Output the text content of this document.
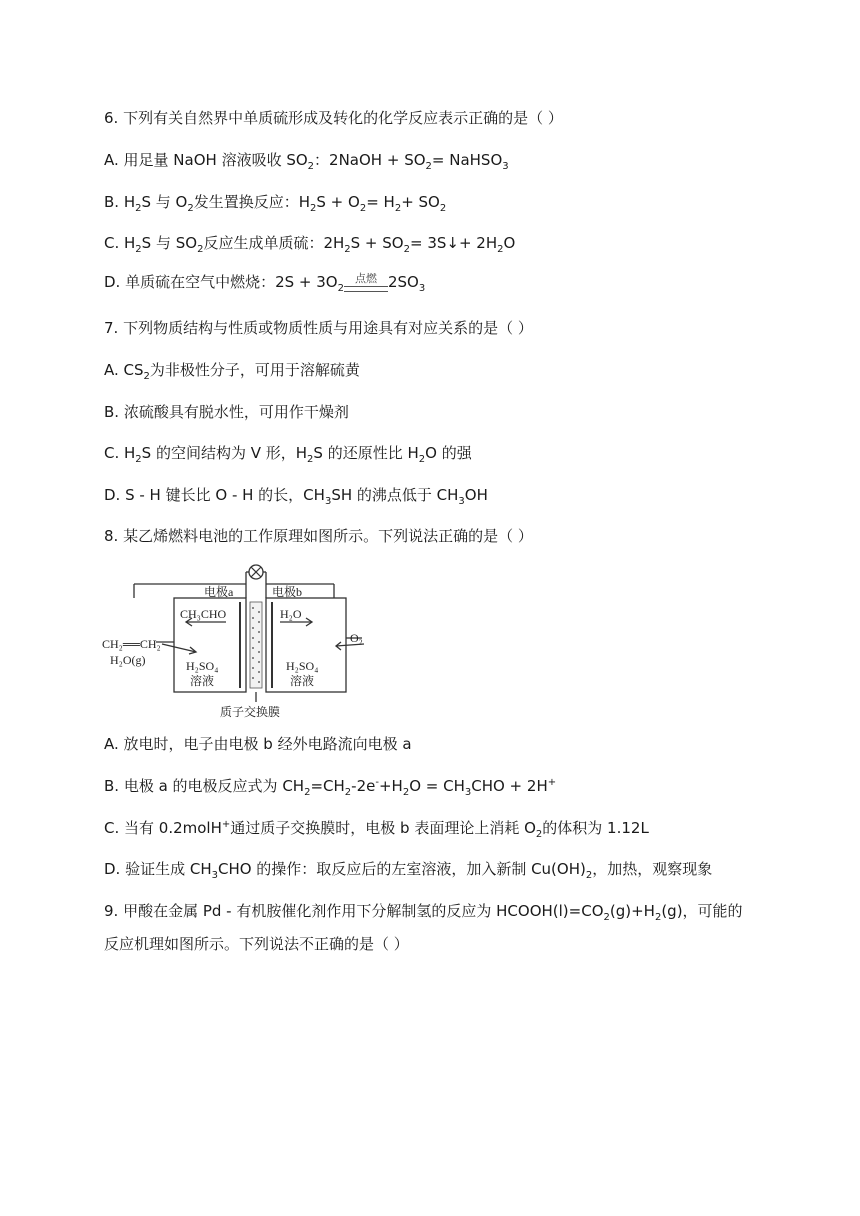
6. 下列有关自然界中单质硫形成及转化的化学反应表示正确的是（ ）
A. 用足量 NaOH 溶液吸收 $SO_2$：2NaOH + $SO_2=$ NaHSO$_3$
B. $H_2S$ 与 $O_2$发生置换反应：$H_2S + O_2= H_2+ SO_2$
C. $H_2S$ 与 $SO_2$反应生成单质硫：$2H_2S + SO_2=$ 3S↓+ $2H_2O$
D. 单质硫在空气中燃烧：$2S + 3O_2$
点燃 $2SO_3$
7. 下列物质结构与性质或物质性质与用途具有对应关系的是（ ）
A. $CS_2$为非极性分子，可用于溶解硫黄
B. 浓硫酸具有脱水性，可用作干燥剂
C. $H_2S$ 的空间结构为 V 形，$H_2S$ 的还原性比 $H_2O$ 的强
D. S - H 键长比 O - H 的长，$CH_3SH$ 的沸点低于 $CH_3OH$
8. 某乙烯燃料电池的工作原理如图所示。下列说法正确的是（ ）
电极a	电极b
CH₃CHO	H₂O
CH₂══CH₂
H₂O(g)
O₂
H₂SO₄
溶液
H₂SO₄
溶液
质子交换膜
A. 放电时，电子由电极 b 经外电路流向电极 a
B. 电极 a 的电极反应式为 $CH_2=CH_2-2e^-+H_2O = CH_3CHO + 2H^+$
C. 当有 0.2molH+通过质子交换膜时，电极 b 表面理论上消耗 $O_2$的体积为 1.12L
D. 验证生成 $CH_3CHO$ 的操作：取反应后的左室溶液，加入新制 $Cu(OH)_2$，加热，观察现象
9. 甲酸在金属 Pd - 有机胺催化剂作用下分解制氢的反应为 $HCOOH(l)=CO_2(g)+H_2(g)$，可能的
反应机理如图所示。下列说法不正确的是（ ）
